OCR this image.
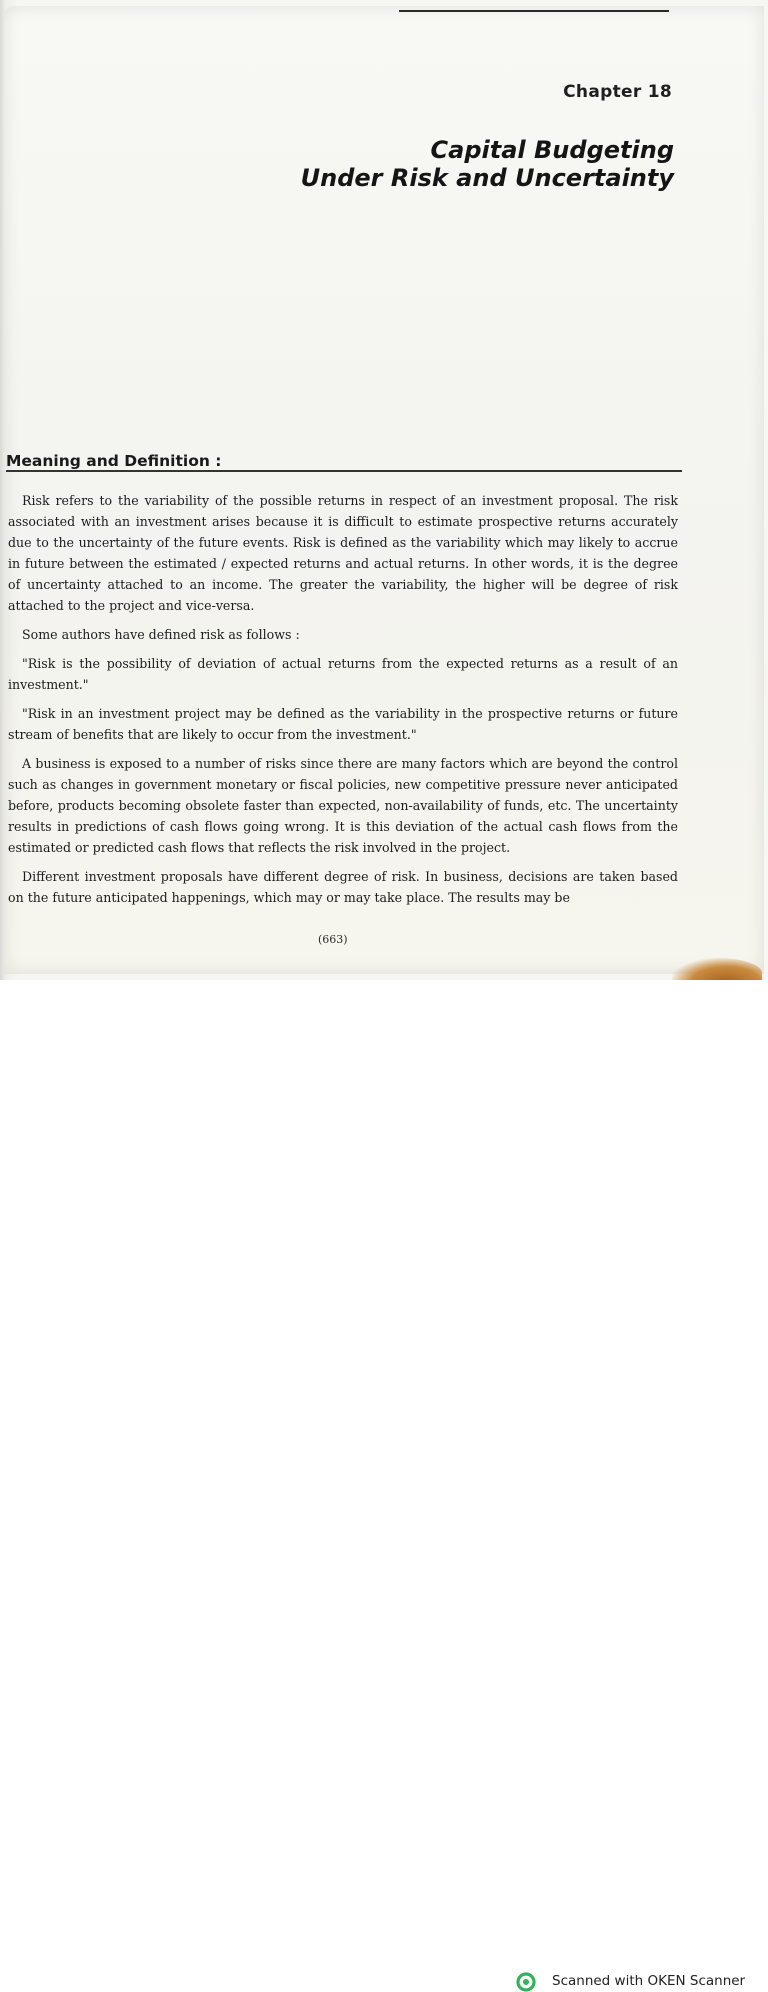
Chapter 18
Capital Budgeting
Under Risk and Uncertainty
Meaning and Definition :

Risk refers to the variability of the possible returns in respect of an investment proposal. The risk associated with an investment arises because it is difficult to estimate prospective returns accurately due to the uncertainty of the future events. Risk is defined as the variability which may likely to accrue in future between the estimated / expected returns and actual returns. In other words, it is the degree of uncertainty attached to an income. The greater the variability, the higher will be degree of risk attached to the project and vice-versa.

Some authors have defined risk as follows :

"Risk is the possibility of deviation of actual returns from the expected returns as a result of an investment."

"Risk in an investment project may be defined as the variability in the prospective returns or future stream of benefits that are likely to occur from the investment."

A business is exposed to a number of risks since there are many factors which are beyond the control such as changes in government monetary or fiscal policies, new competitive pressure never anticipated before, products becoming obsolete faster than expected, non-availability of funds, etc. The uncertainty results in predictions of cash flows going wrong. It is this deviation of the actual cash flows from the estimated or predicted cash flows that reflects the risk involved in the project.

Different investment proposals have different degree of risk. In business, decisions are taken based on the future anticipated happenings, which may or may take place. The results may be

(663)
Scanned with OKEN Scanner
